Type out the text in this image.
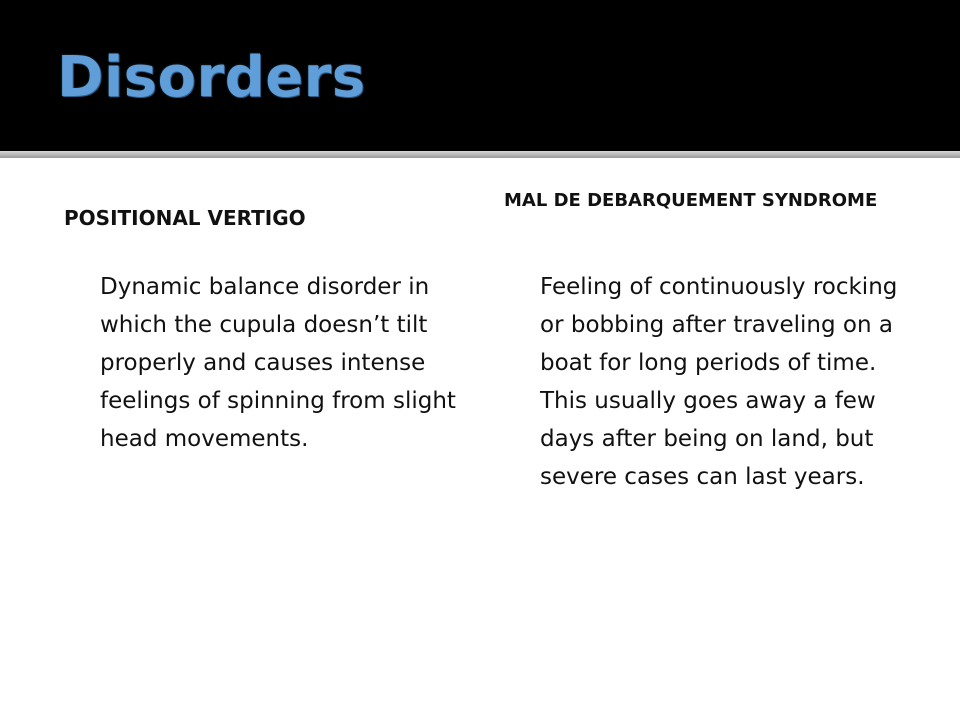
Disorders
POSITIONAL VERTIGO

Dynamic balance disorder in which the cupula doesn’t tilt properly and causes intense feelings of spinning from slight head movements.

MAL DE DEBARQUEMENT SYNDROME

Feeling of continuously rocking or bobbing after traveling on a boat for long periods of time. This usually goes away a few days after being on land, but severe cases can last years.
